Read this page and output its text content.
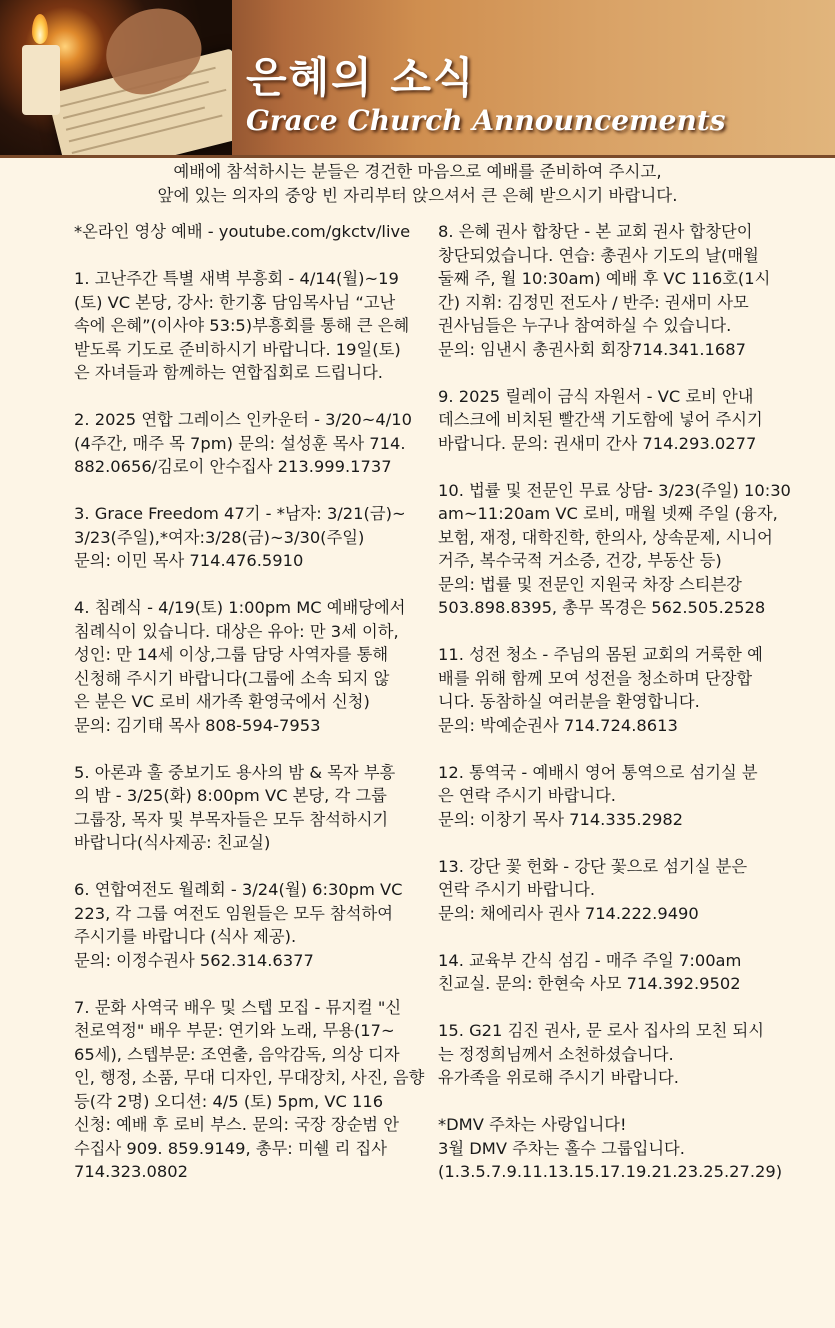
은혜의 소식
Grace Church Announcements
예배에 참석하시는 분들은 경건한 마음으로 예배를 준비하여 주시고,
앞에 있는 의자의 중앙 빈 자리부터 앉으셔서 큰 은혜 받으시기 바랍니다.
*온라인 영상 예배 - youtube.com/gkctv/live
1. 고난주간 특별 새벽 부흥회 - 4/14(월)~19
(토) VC 본당, 강사: 한기홍 담임목사님 “고난
속에 은혜”(이사야 53:5)부흥회를 통해 큰 은혜
받도록 기도로 준비하시기 바랍니다. 19일(토)
은 자녀들과 함께하는 연합집회로 드립니다.
2. 2025 연합 그레이스 인카운터 - 3/20~4/10
(4주간, 매주 목 7pm) 문의: 설성훈 목사 714.
882.0656/김로이 안수집사 213.999.1737
3. Grace Freedom 47기 - *남자: 3/21(금)~
3/23(주일),*여자:3/28(금)~3/30(주일)
문의: 이민 목사 714.476.5910
4. 침례식 - 4/19(토) 1:00pm MC 예배당에서
침례식이 있습니다. 대상은 유아: 만 3세 이하,
성인: 만 14세 이상,그룹 담당 사역자를 통해
신청해 주시기 바랍니다(그룹에 소속 되지 않
은 분은 VC 로비 새가족 환영국에서 신청)
문의: 김기태 목사 808-594-7953
5. 아론과 훌 중보기도 용사의 밤 & 목자 부흥
의 밤 - 3/25(화) 8:00pm VC 본당, 각 그룹
그룹장, 목자 및 부목자들은 모두 참석하시기
바랍니다(식사제공: 친교실)
6. 연합여전도 월례회 - 3/24(월) 6:30pm VC
223, 각 그룹 여전도 임원들은 모두 참석하여
주시기를 바랍니다 (식사 제공).
문의: 이정수권사 562.314.6377
7. 문화 사역국 배우 및 스텝 모집 - 뮤지컬 "신
천로역정" 배우 부문: 연기와 노래, 무용(17~
65세), 스텝부문: 조연출, 음악감독, 의상 디자
인, 행정, 소품, 무대 디자인, 무대장치, 사진, 음향
등(각 2명) 오디션: 4/5 (토) 5pm, VC 116
신청: 예배 후 로비 부스. 문의: 국장 장순범 안
수집사 909. 859.9149, 총무: 미쉘 리 집사
714.323.0802
8. 은혜 권사 합창단 - 본 교회 권사 합창단이
창단되었습니다. 연습: 총권사 기도의 날(매월
둘째 주, 월 10:30am) 예배 후 VC 116호(1시
간) 지휘: 김정민 전도사 / 반주: 권새미 사모
권사님들은 누구나 참여하실 수 있습니다.
문의: 임낸시 총권사회 회장714.341.1687
9. 2025 릴레이 금식 자원서 - VC 로비 안내
데스크에 비치된 빨간색 기도함에 넣어 주시기
바랍니다. 문의: 권새미 간사 714.293.0277
10. 법률 및 전문인 무료 상담- 3/23(주일) 10:30
am~11:20am VC 로비, 매월 넷째 주일 (융자,
보험, 재정, 대학진학, 한의사, 상속문제, 시니어
거주, 복수국적 거소증, 건강, 부동산 등)
문의: 법률 및 전문인 지원국 차장 스티븐강
503.898.8395, 총무 목경은 562.505.2528
11. 성전 청소 - 주님의 몸된 교회의 거룩한 예
배를 위해 함께 모여 성전을 청소하며 단장합
니다. 동참하실 여러분을 환영합니다.
문의: 박예순권사 714.724.8613
12. 통역국 - 예배시 영어 통역으로 섬기실 분
은 연락 주시기 바랍니다.
문의: 이창기 목사 714.335.2982
13. 강단 꽃 헌화 - 강단 꽃으로 섬기실 분은
연락 주시기 바랍니다.
문의: 채에리사 권사 714.222.9490
14. 교육부 간식 섬김 - 매주 주일 7:00am
친교실. 문의: 한현숙 사모 714.392.9502
15. G21 김진 권사, 문 로사 집사의 모친 되시
는 정정희님께서 소천하셨습니다.
유가족을 위로해 주시기 바랍니다.
*DMV 주차는 사랑입니다!
3월 DMV 주차는 홀수 그룹입니다.
(1.3.5.7.9.11.13.15.17.19.21.23.25.27.29)
